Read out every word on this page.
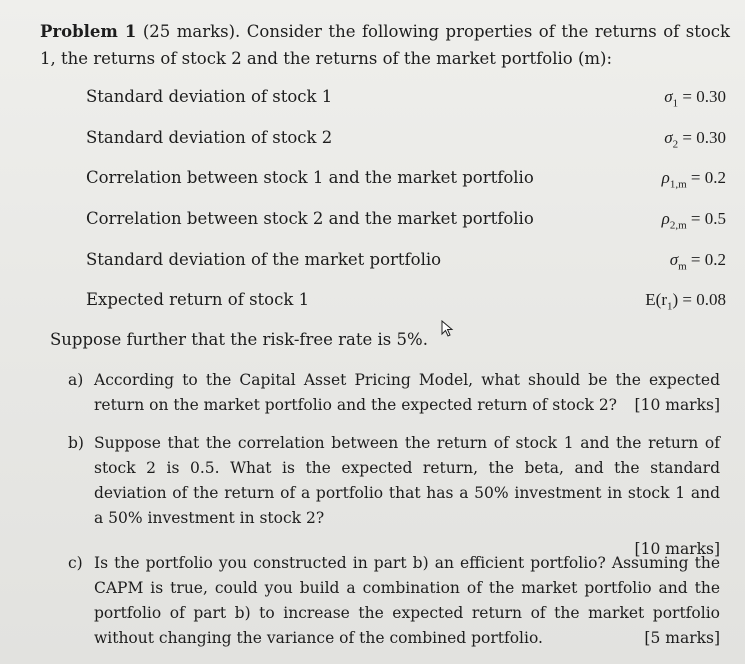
Problem 1 (25 marks). Consider the following properties of the returns of stock 1, the returns of stock 2 and the returns of the market portfolio (m):
Standard deviation of stock 1	$\sigma_1 = 0.30$
Standard deviation of stock 2	$\sigma_2 = 0.30$
Correlation between stock 1 and the market portfolio	$\rho_{1,m} = 0.2$
Correlation between stock 2 and the market portfolio	$\rho_{2,m} = 0.5$
Standard deviation of the market portfolio	$\sigma_m = 0.2$
Expected return of stock 1	$E(r_1) = 0.08$
Suppose further that the risk-free rate is 5%.
a) According to the Capital Asset Pricing Model, what should be the expected return on the market portfolio and the expected return of stock 2? [10 marks]
b) Suppose that the correlation between the return of stock 1 and the return of stock 2 is 0.5. What is the expected return, the beta, and the standard deviation of the return of a portfolio that has a 50% investment in stock 1 and a 50% investment in stock 2?
[10 marks]
c) Is the portfolio you constructed in part b) an efficient portfolio? Assuming the CAPM is true, could you build a combination of the market portfolio and the portfolio of part b) to increase the expected return of the market portfolio without changing the variance of the combined portfolio.	[5 marks]
